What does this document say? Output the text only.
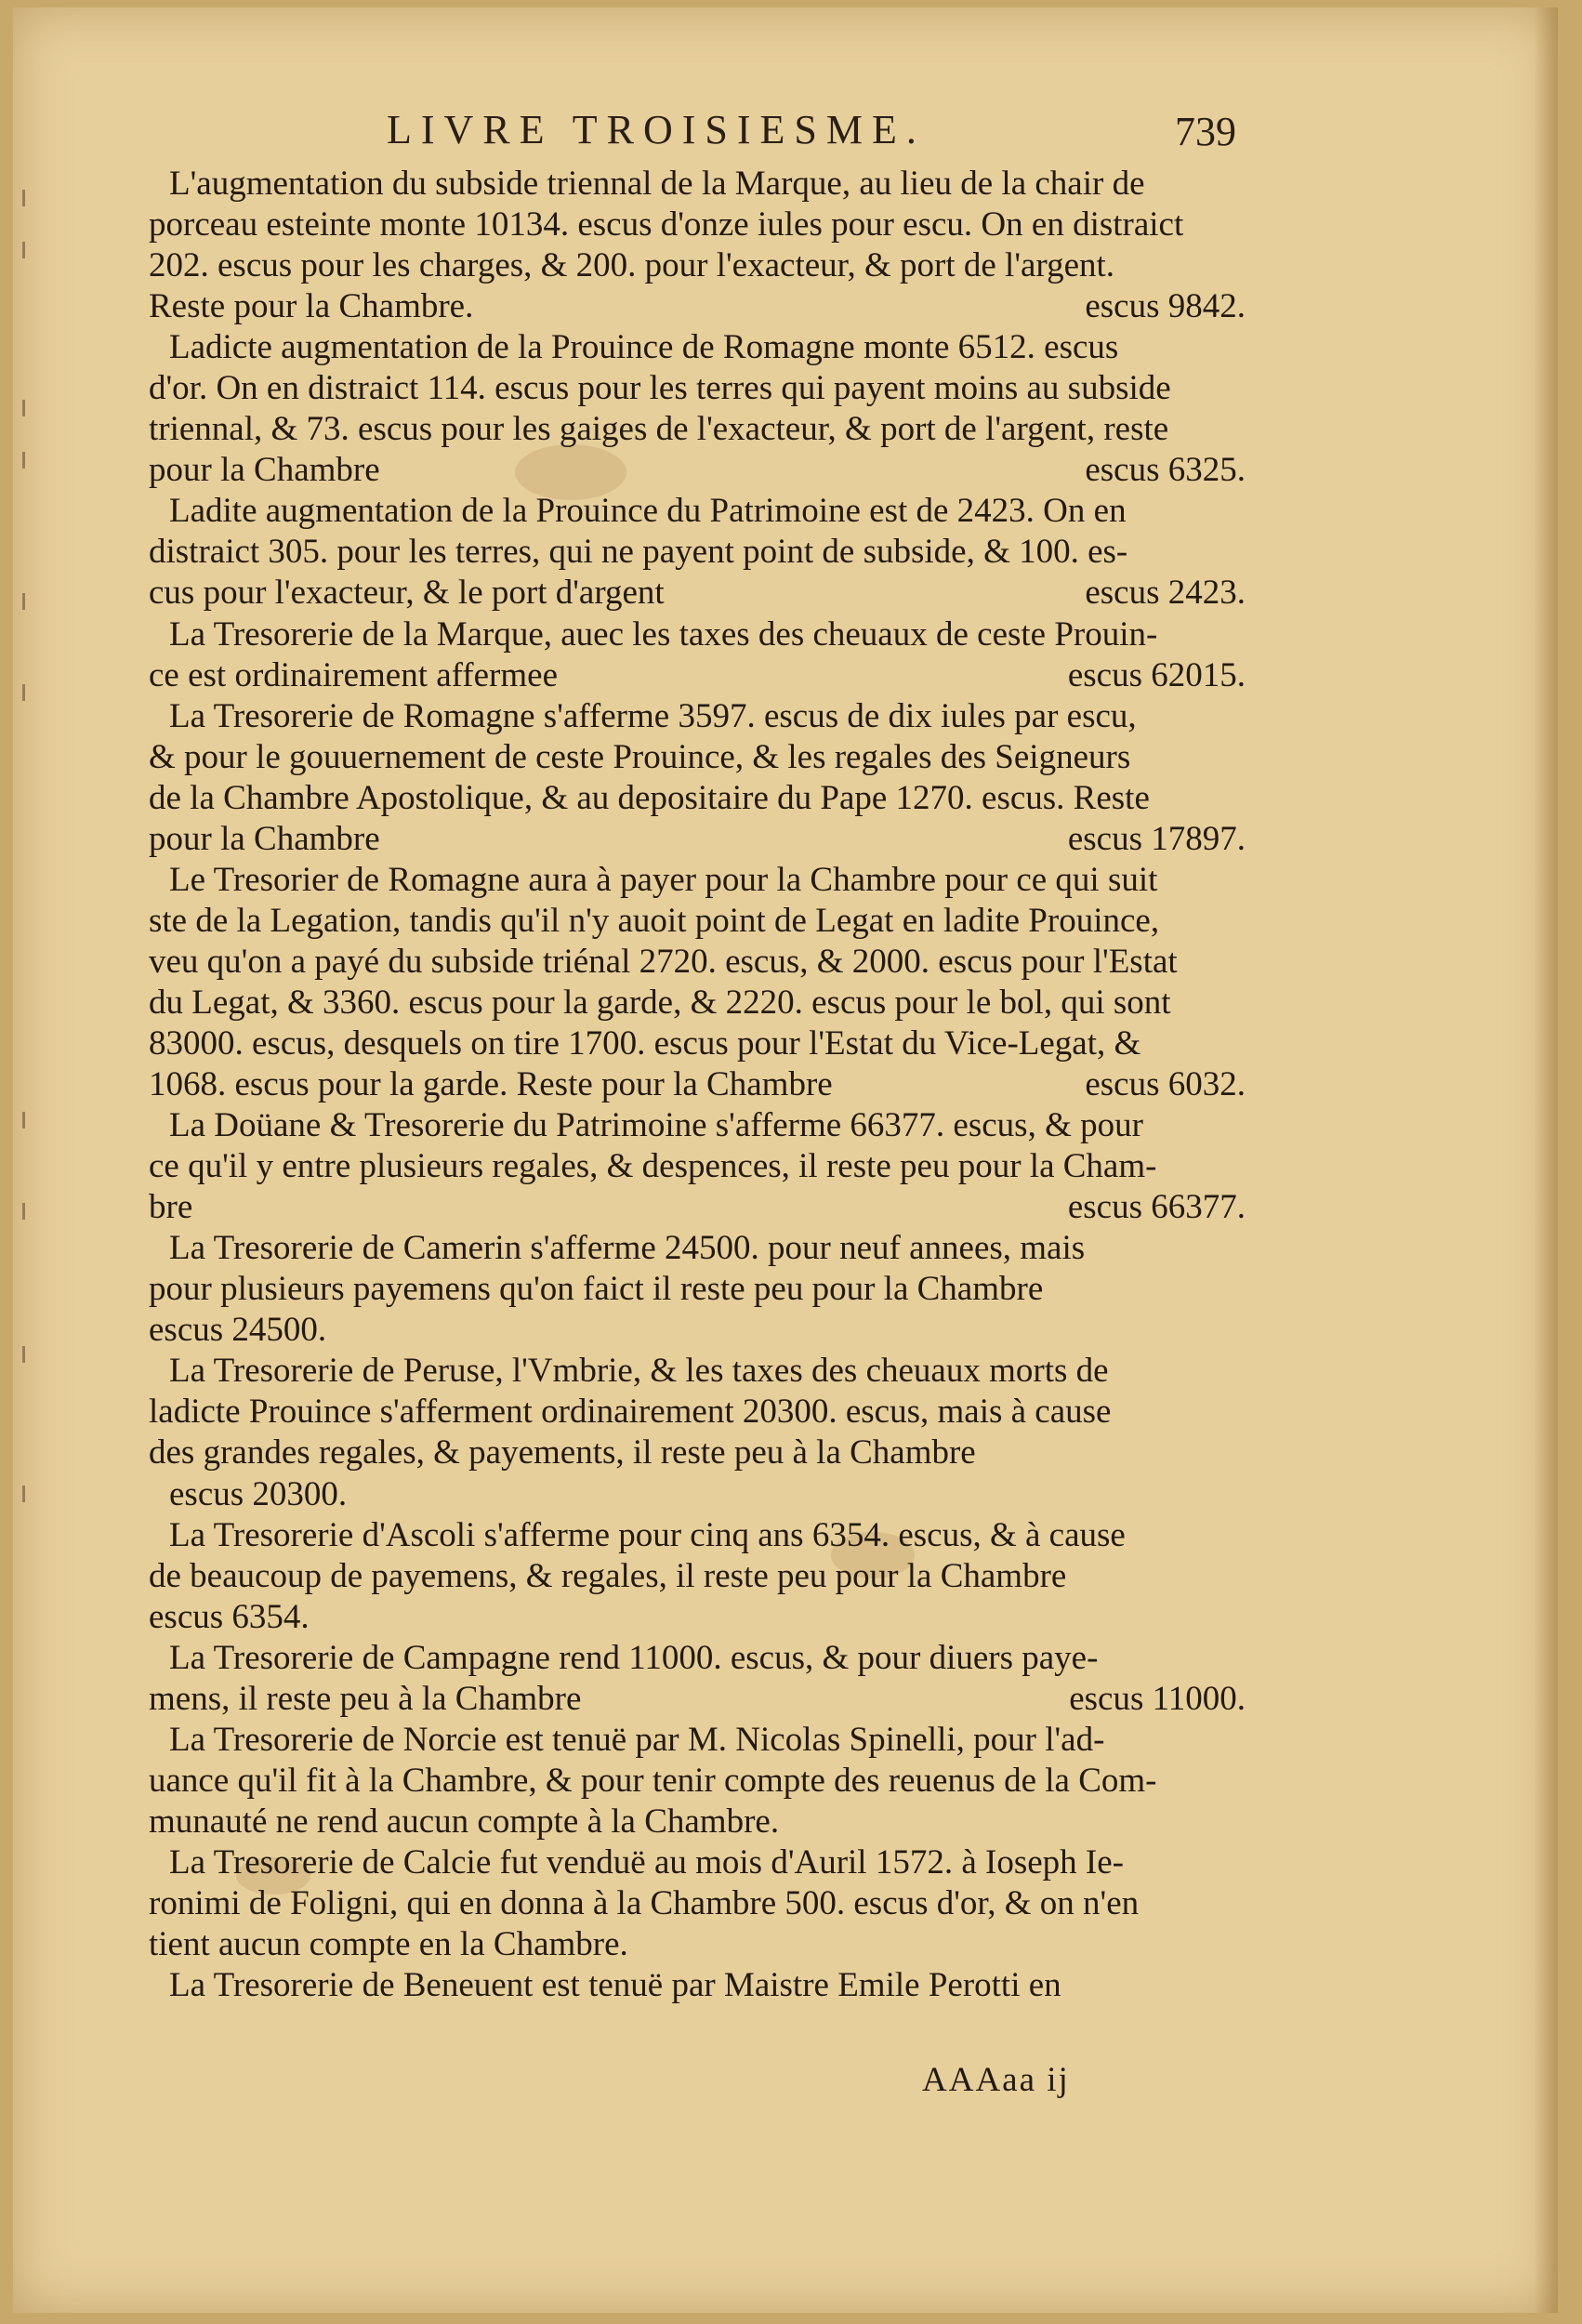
LIVRE TROISIESME.	739
L'augmentation du subside triennal de la Marque, au lieu de la chair de
porceau esteinte monte 10134. escus d'onze iules pour escu. On en distraict
202. escus pour les charges, & 200. pour l'exacteur, & port de l'argent.
Reste pour la Chambre.	escus 9842.
Ladicte augmentation de la Prouince de Romagne monte 6512. escus
d'or. On en distraict 114. escus pour les terres qui payent moins au subside
triennal, & 73. escus pour les gaiges de l'exacteur, & port de l'argent, reste
pour la Chambre	escus 6325.
Ladite augmentation de la Prouince du Patrimoine est de 2423. On en
distraict 305. pour les terres, qui ne payent point de subside, & 100. es-
cus pour l'exacteur, & le port d'argent	escus 2423.
La Tresorerie de la Marque, auec les taxes des cheuaux de ceste Prouin-
ce est ordinairement affermee	escus 62015.
La Tresorerie de Romagne s'afferme 3597. escus de dix iules par escu,
& pour le gouuernement de ceste Prouince, & les regales des Seigneurs
de la Chambre Apostolique, & au depositaire du Pape 1270. escus. Reste
pour la Chambre	escus 17897.
Le Tresorier de Romagne aura à payer pour la Chambre pour ce qui suit
ste de la Legation, tandis qu'il n'y auoit point de Legat en ladite Prouince,
veu qu'on a payé du subside triénal 2720. escus, & 2000. escus pour l'Estat
du Legat, & 3360. escus pour la garde, & 2220. escus pour le bol, qui sont
83000. escus, desquels on tire 1700. escus pour l'Estat du Vice-Legat, &
1068. escus pour la garde. Reste pour la Chambre	escus 6032.
La Doüane & Tresorerie du Patrimoine s'afferme 66377. escus, & pour
ce qu'il y entre plusieurs regales, & despences, il reste peu pour la Cham-
bre	escus 66377.
La Tresorerie de Camerin s'afferme 24500. pour neuf annees, mais
pour plusieurs payemens qu'on faict il reste peu pour la Chambre
escus 24500.
La Tresorerie de Peruse, l'Vmbrie, & les taxes des cheuaux morts de
ladicte Prouince s'afferment ordinairement 20300. escus, mais à cause
des grandes regales, & payements, il reste peu à la Chambre
escus 20300.
La Tresorerie d'Ascoli s'afferme pour cinq ans 6354. escus, & à cause
de beaucoup de payemens, & regales, il reste peu pour la Chambre
escus 6354.
La Tresorerie de Campagne rend 11000. escus, & pour diuers paye-
mens, il reste peu à la Chambre	escus 11000.
La Tresorerie de Norcie est tenuë par M. Nicolas Spinelli, pour l'ad-
uance qu'il fit à la Chambre, & pour tenir compte des reuenus de la Com-
munauté ne rend aucun compte à la Chambre.
La Tresorerie de Calcie fut venduë au mois d'Auril 1572. à Ioseph Ie-
ronimi de Foligni, qui en donna à la Chambre 500. escus d'or, & on n'en
tient aucun compte en la Chambre.
La Tresorerie de Beneuent est tenuë par Maistre Emile Perotti en
AAAaa ij
